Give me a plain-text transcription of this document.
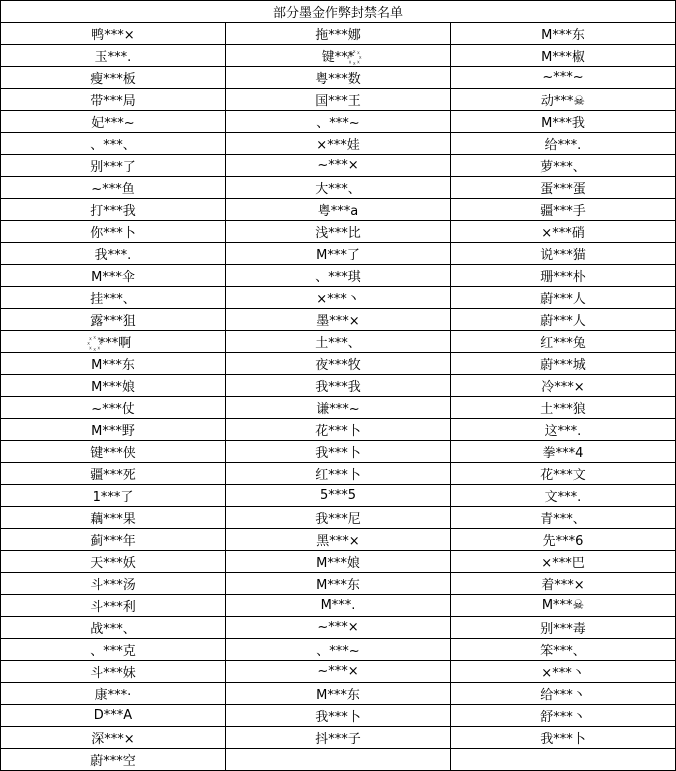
部分墨金作弊封禁名单		
鸭***×	拖***娜	M***东
玉***.	键***꙰	M***椒
瘦***板	粤***数	~***~
带***局	国***王	动***☠
妃***~	、***~	M***我
、***、	×***娃	给***.
别***了	~***×	萝***、
~***鱼	大***、	蛋***蛋
打***我	粤***a	疆***手
你***卜	浅***比	×***硝
我***.	M***了	说***猫
M***伞	、***琪	珊***朴
挂***、	×***丶	蔚***人
露***狙	墨***×	蔚***人
꙰ ***啊	土***、	红***兔
M***东	夜***牧	蔚***城
M***娘	我***我	冷***×
~***仗	谦***~	土***狼
M***野	花***卜	这***.
键***侠	我***卜	拳***4
疆***死	红***卜	花***文
1***了	5***5	文***.
藕***果	我***尼	青***、
蓟***年	黑***×	先***6
天***妖	M***娘	×***巴
斗***汤	M***东	着***×
斗***利	M***.	M***☠
战***、	~***×	别***毒
、***克	、***~	笨***、
斗***妹	~***×	×***丶
康***·	M***东	给***丶
D***A	我***卜	舒***丶
深***×	抖***子	我***卜
蔚***空		
